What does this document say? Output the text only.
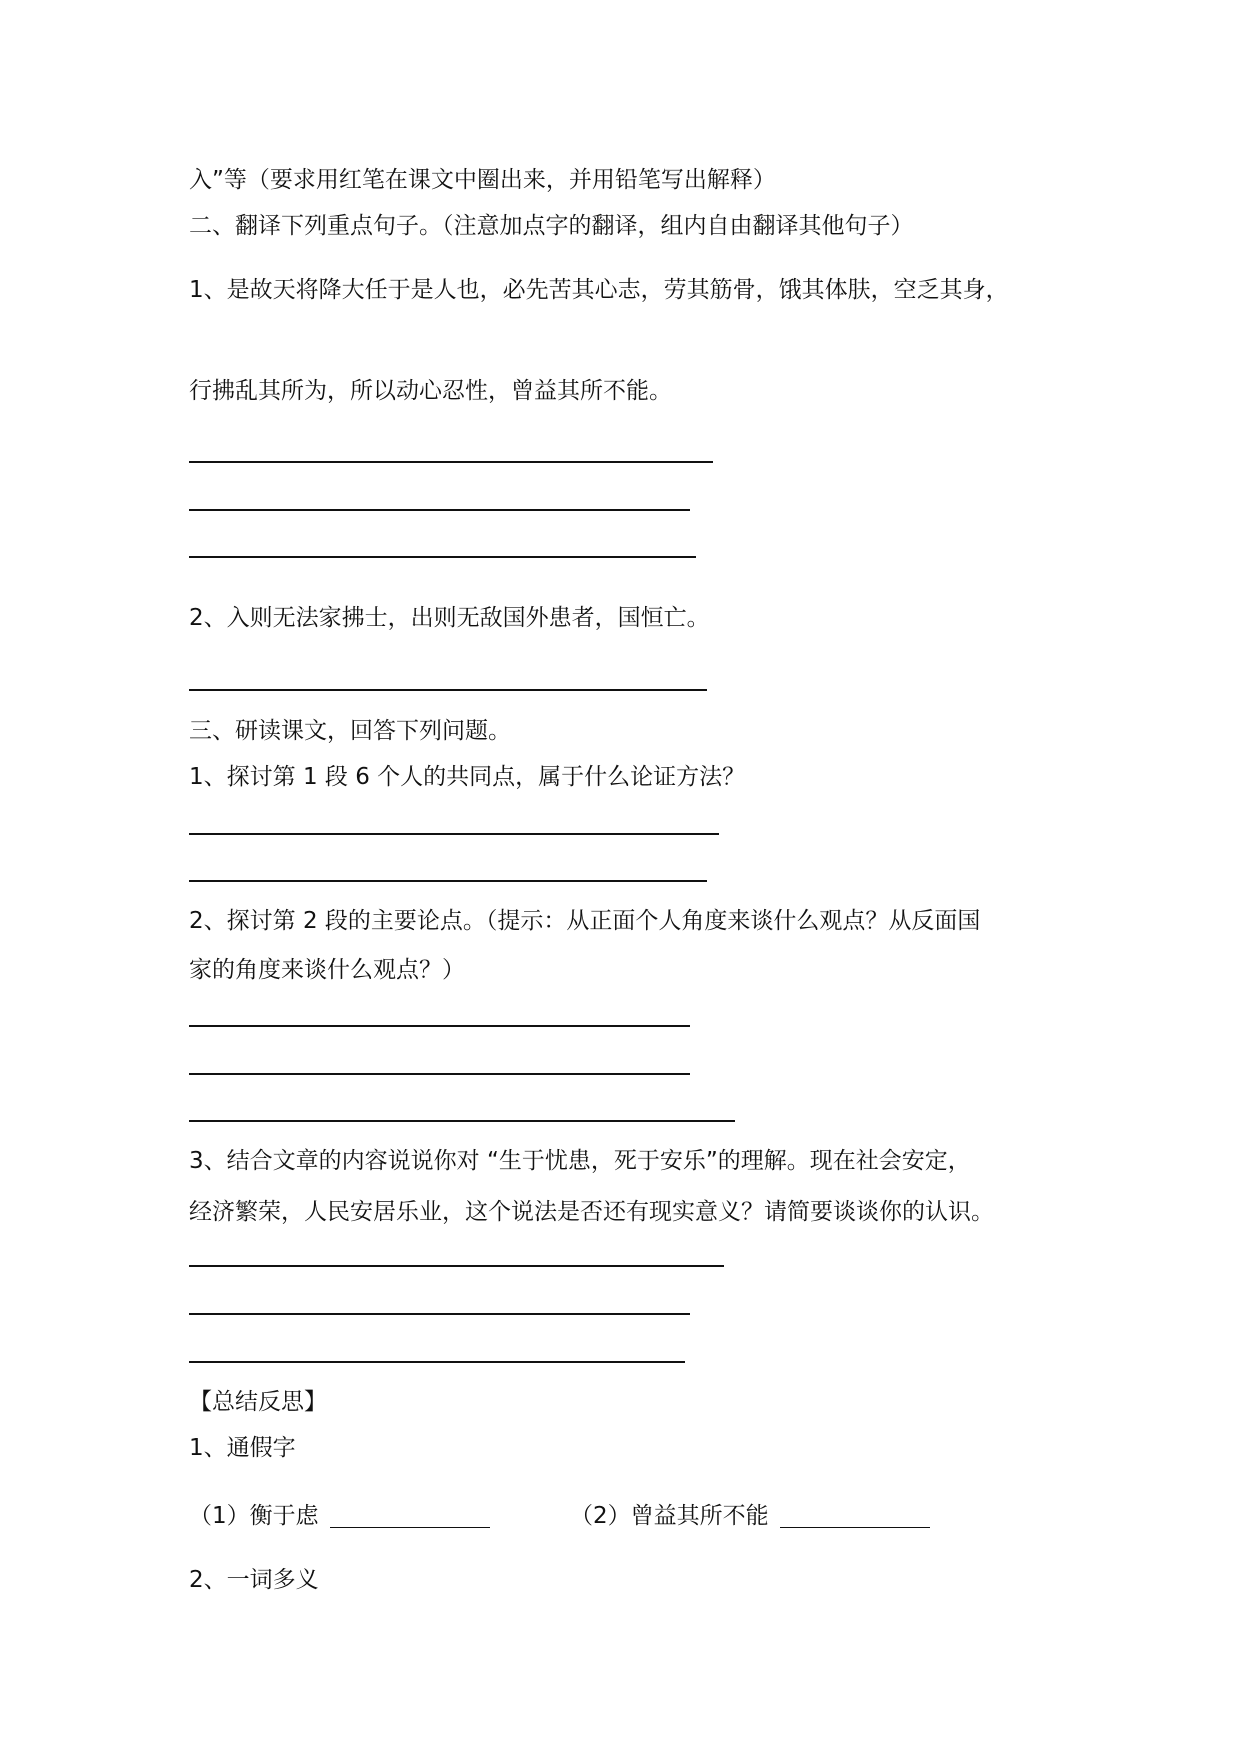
入”等（要求用红笔在课文中圈出来，并用铅笔写出解释）
二、翻译下列重点句子。（注意加点字的翻译，组内自由翻译其他句子）
1、是故天将降大任于是人也，必先苦其心志，劳其筋骨，饿其体肤，空乏其身，
行拂乱其所为，所以动心忍性，曾益其所不能。
2、入则无法家拂士，出则无敌国外患者，国恒亡。
三、研读课文，回答下列问题。
1、探讨第 1 段 6 个人的共同点，属于什么论证方法？
2、探讨第 2 段的主要论点。（提示：从正面个人角度来谈什么观点？从反面国
家的角度来谈什么观点？）
3、结合文章的内容说说你对 “生于忧患，死于安乐”的理解。现在社会安定，
经济繁荣，人民安居乐业，这个说法是否还有现实意义？请简要谈谈你的认识。
【总结反思】
1、通假字
（1）衡于虑	（2）曾益其所不能
2、一词多义
